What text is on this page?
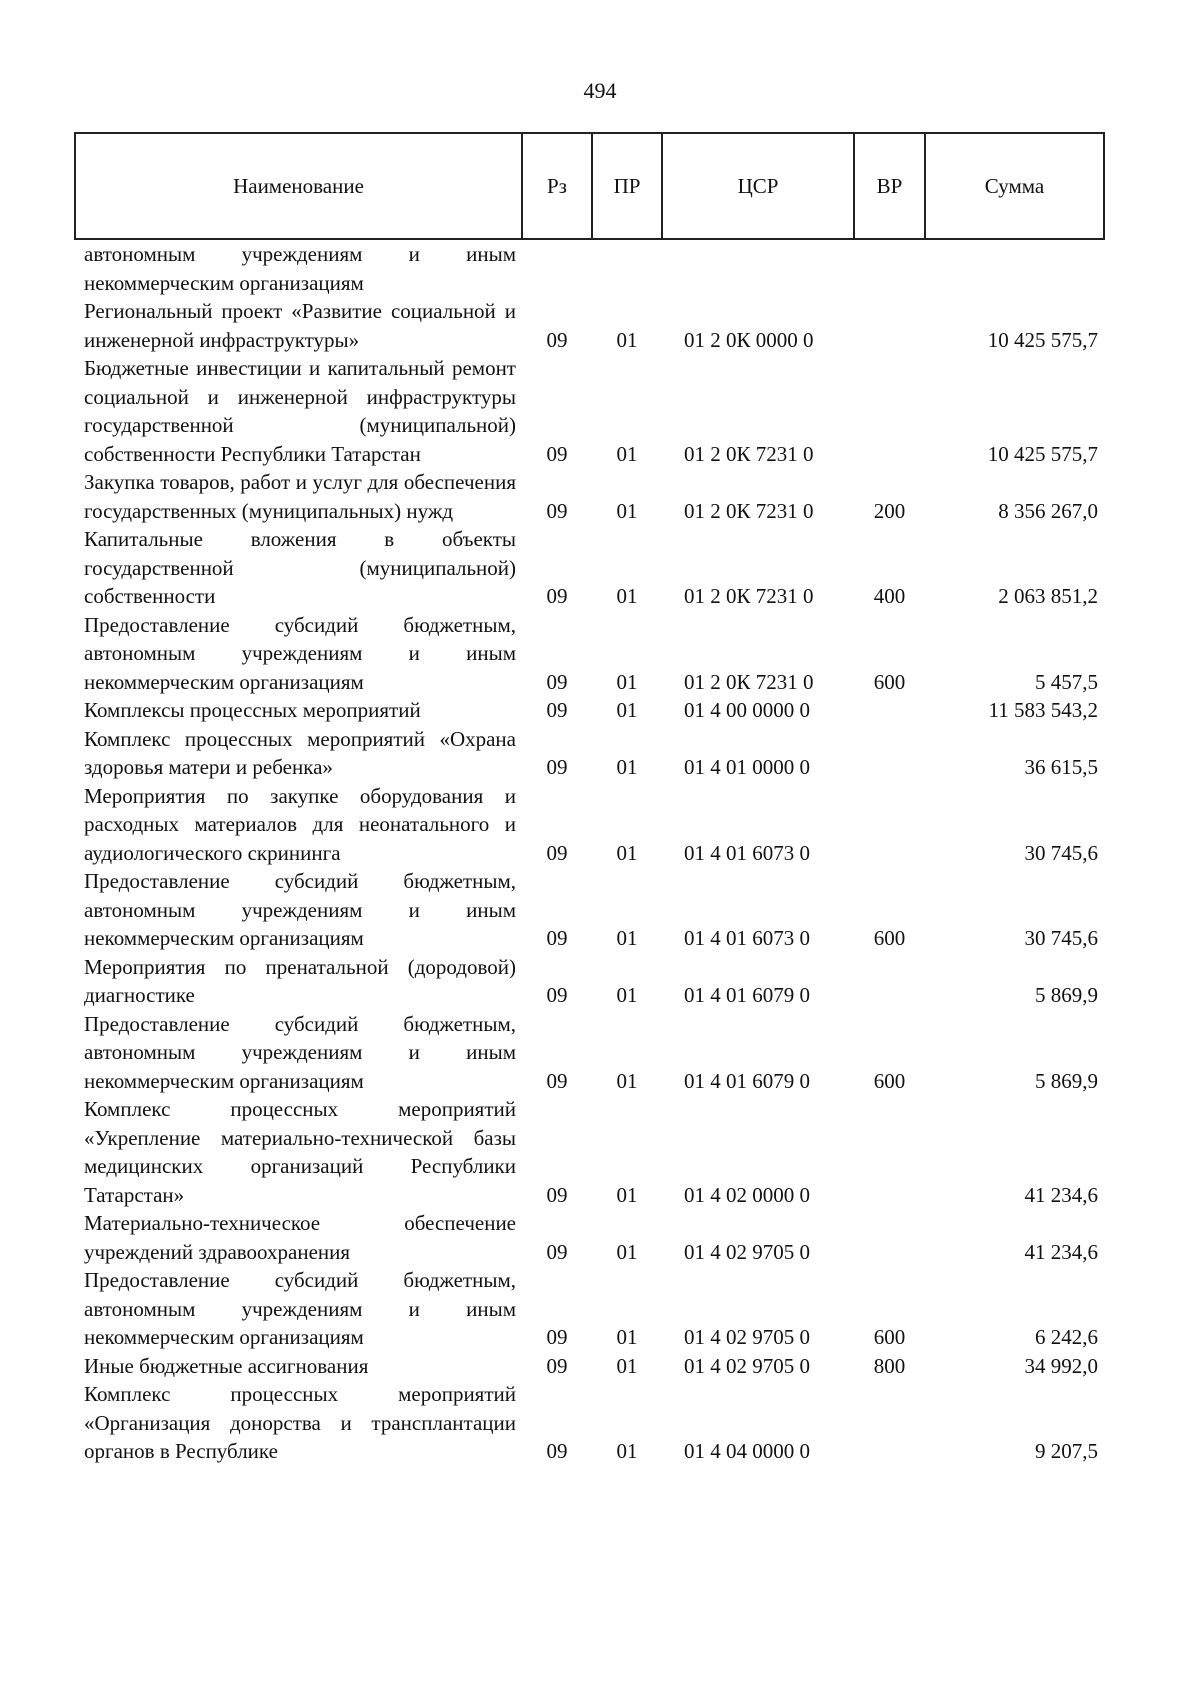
494
Наименование	Рз	ПР	ЦСР	ВР	Сумма
автономным учреждениям и иным некоммерческим организациям					
Региональный проект «Развитие социальной и инженерной инфраструктуры»	09	01	01 2 0К 0000 0		10 425 575,7
Бюджетные инвестиции и капитальный ремонт социальной и инженерной инфраструктуры государственной (муниципальной) собственности Республики Татарстан	09	01	01 2 0К 7231 0		10 425 575,7
Закупка товаров, работ и услуг для обеспечения государственных (муниципальных) нужд	09	01	01 2 0К 7231 0	200	8 356 267,0
Капитальные вложения в объекты государственной (муниципальной) собственности	09	01	01 2 0К 7231 0	400	2 063 851,2
Предоставление субсидий бюджетным, автономным учреждениям и иным некоммерческим организациям	09	01	01 2 0К 7231 0	600	5 457,5
Комплексы процессных мероприятий	09	01	01 4 00 0000 0		11 583 543,2
Комплекс процессных мероприятий «Охрана здоровья матери и ребенка»	09	01	01 4 01 0000 0		36 615,5
Мероприятия по закупке оборудования и расходных материалов для неонатального и аудиологического скрининга	09	01	01 4 01 6073 0		30 745,6
Предоставление субсидий бюджетным, автономным учреждениям и иным некоммерческим организациям	09	01	01 4 01 6073 0	600	30 745,6
Мероприятия по пренатальной (дородовой) диагностике	09	01	01 4 01 6079 0		5 869,9
Предоставление субсидий бюджетным, автономным учреждениям и иным некоммерческим организациям	09	01	01 4 01 6079 0	600	5 869,9
Комплекс процессных мероприятий «Укрепление материально-технической базы медицинских организаций Республики Татарстан»	09	01	01 4 02 0000 0		41 234,6
Материально-техническое обеспечение учреждений здравоохранения	09	01	01 4 02 9705 0		41 234,6
Предоставление субсидий бюджетным, автономным учреждениям и иным некоммерческим организациям	09	01	01 4 02 9705 0	600	6 242,6
Иные бюджетные ассигнования	09	01	01 4 02 9705 0	800	34 992,0
Комплекс процессных мероприятий «Организация донорства и трансплантации органов в Республике	09	01	01 4 04 0000 0		9 207,5
